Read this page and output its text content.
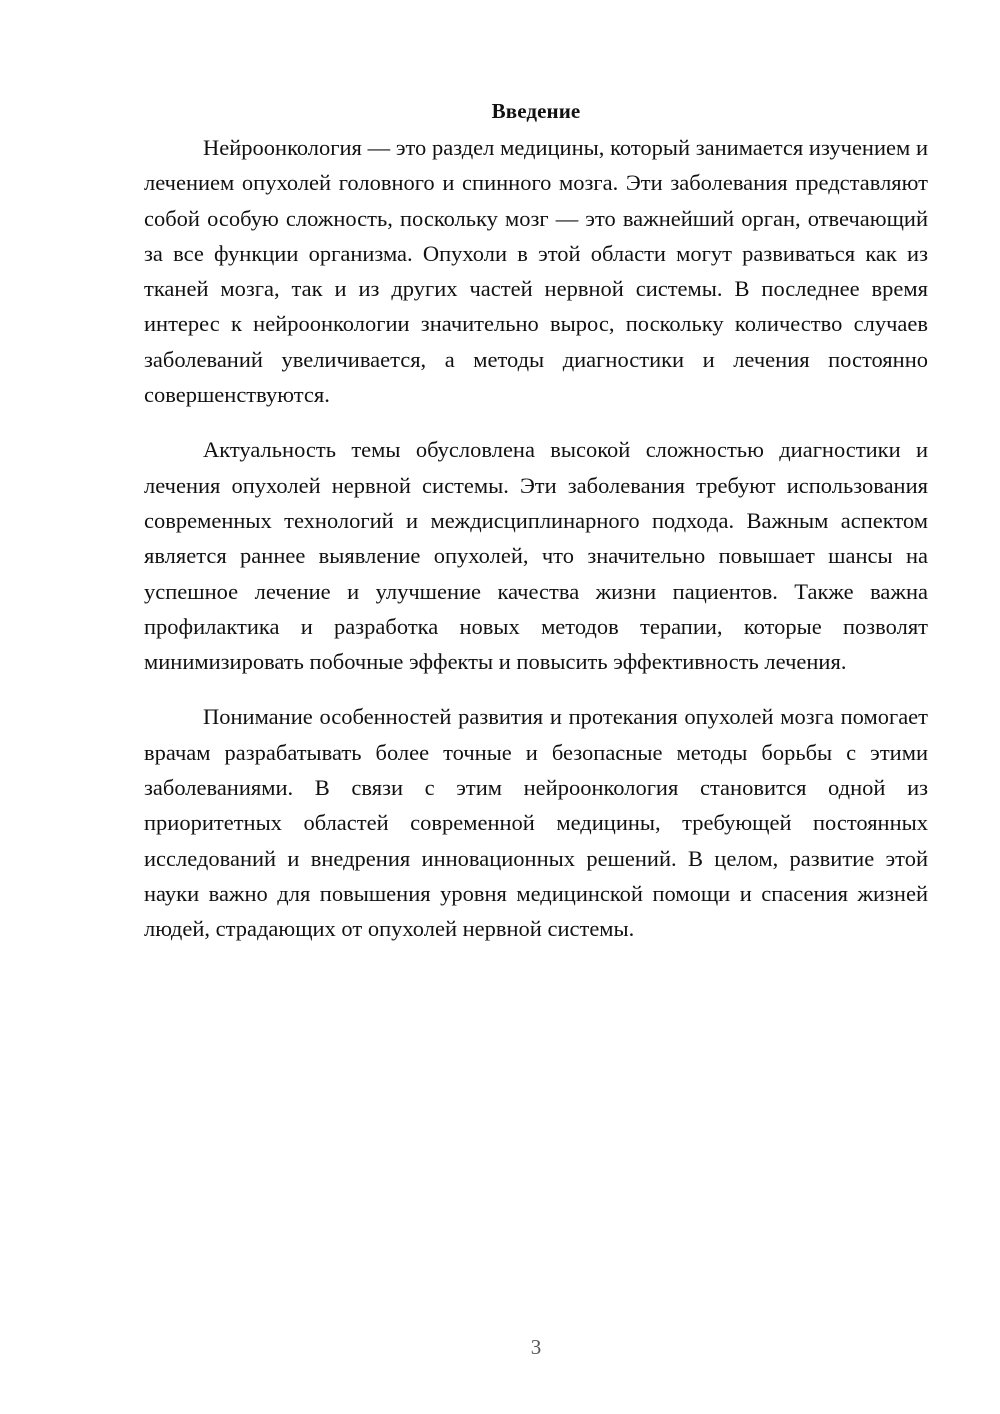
Введение

Нейроонкология — это раздел медицины, который занимается изучением и лечением опухолей головного и спинного мозга. Эти заболевания представляют собой особую сложность, поскольку мозг — это важнейший орган, отвечающий за все функции организма. Опухоли в этой области могут развиваться как из тканей мозга, так и из других частей нервной системы. В последнее время интерес к нейроонкологии значительно вырос, поскольку количество случаев заболеваний увеличивается, а методы диагностики и лечения постоянно совершенствуются.

Актуальность темы обусловлена высокой сложностью диагностики и лечения опухолей нервной системы. Эти заболевания требуют использования современных технологий и междисциплинарного подхода. Важным аспектом является раннее выявление опухолей, что значительно повышает шансы на успешное лечение и улучшение качества жизни пациентов. Также важна профилактика и разработка новых методов терапии, которые позволят минимизировать побочные эффекты и повысить эффективность лечения.

Понимание особенностей развития и протекания опухолей мозга помогает врачам разрабатывать более точные и безопасные методы борьбы с этими заболеваниями. В связи с этим нейроонкология становится одной из приоритетных областей современной медицины, требующей постоянных исследований и внедрения инновационных решений. В целом, развитие этой науки важно для повышения уровня медицинской помощи и спасения жизней людей, страдающих от опухолей нервной системы.

3
